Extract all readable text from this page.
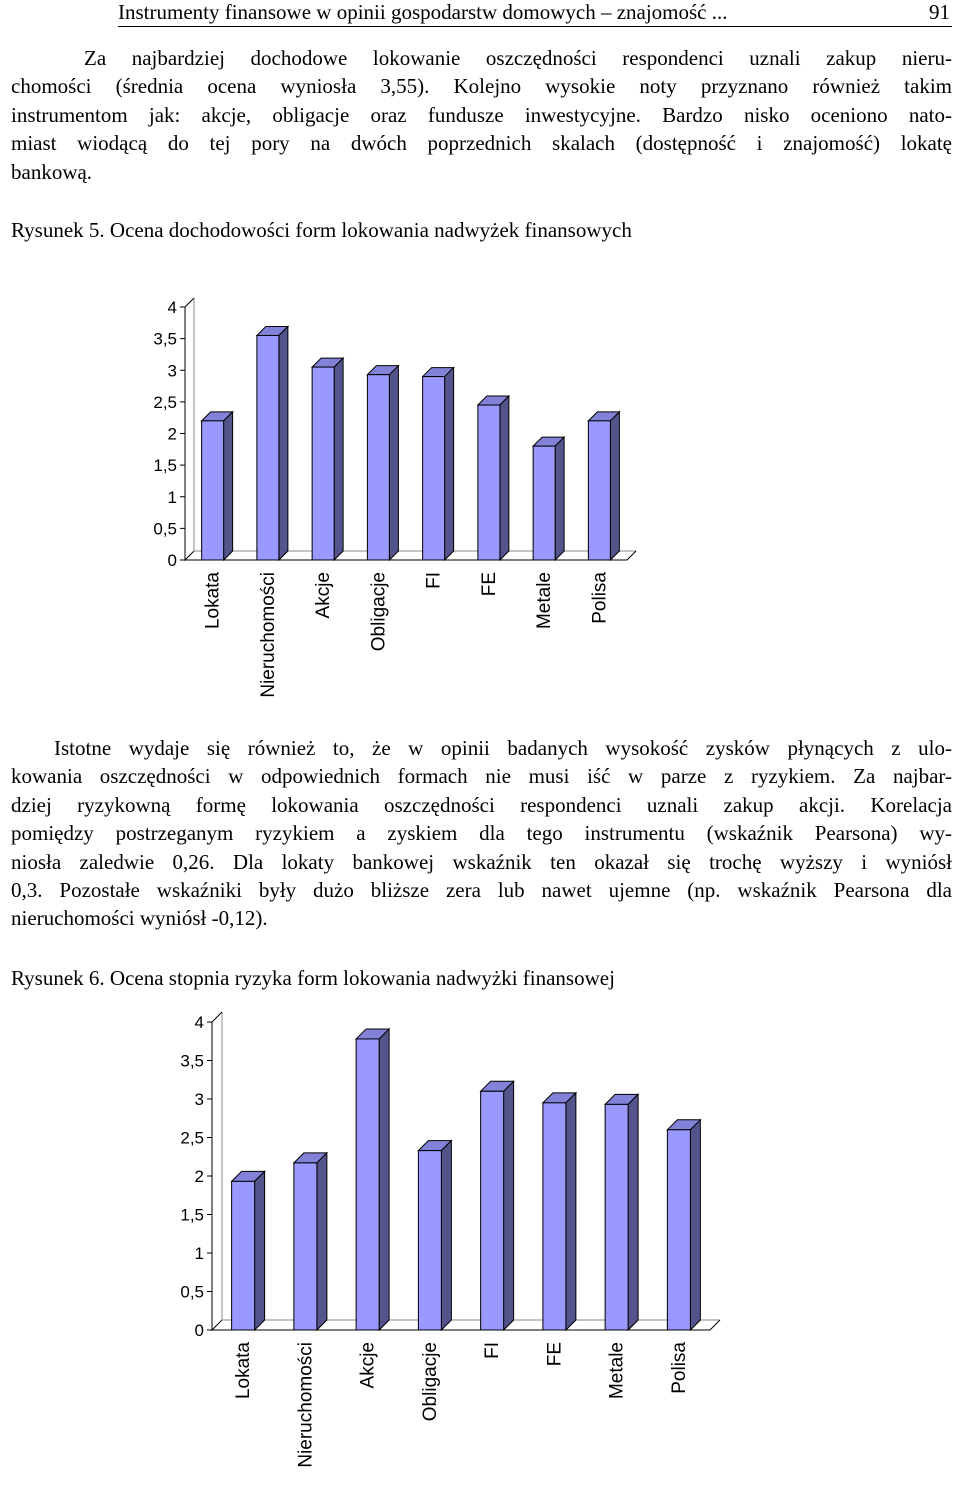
Instrumenty finansowe w opinii gospodarstw domowych – znajomość ...	91
Za najbardziej dochodowe lokowanie oszczędności respondenci uznali zakup nieru-
chomości (średnia ocena wyniosła 3,55). Kolejno wysokie noty przyznano również takim
instrumentom jak: akcje, obligacje oraz fundusze inwestycyjne. Bardzo nisko oceniono nato-
miast wiodącą do tej pory na dwóch poprzednich skalach (dostępność i znajomość) lokatę
bankową.
Rysunek 5. Ocena dochodowości form lokowania nadwyżek finansowych
0
0,5
1
1,5
2
2,5
3
3,5
4
Lokata Nieruchomości Akcje Obligacje FI FE Metale Polisa
Istotne wydaje się również to, że w opinii badanych wysokość zysków płynących z ulo-
kowania oszczędności w odpowiednich formach nie musi iść w parze z ryzykiem. Za najbar-
dziej ryzykowną formę lokowania oszczędności respondenci uznali zakup akcji. Korelacja
pomiędzy postrzeganym ryzykiem a zyskiem dla tego instrumentu (wskaźnik Pearsona) wy-
niosła zaledwie 0,26. Dla lokaty bankowej wskaźnik ten okazał się trochę wyższy i wyniósł
0,3. Pozostałe wskaźniki były dużo bliższe zera lub nawet ujemne (np. wskaźnik Pearsona dla
nieruchomości wyniósł -0,12).
Rysunek 6. Ocena stopnia ryzyka form lokowania nadwyżki finansowej
0
0,5
1
1,5
2
2,5
3
3,5
4
Lokata Nieruchomości Akcje Obligacje FI FE Metale Polisa
